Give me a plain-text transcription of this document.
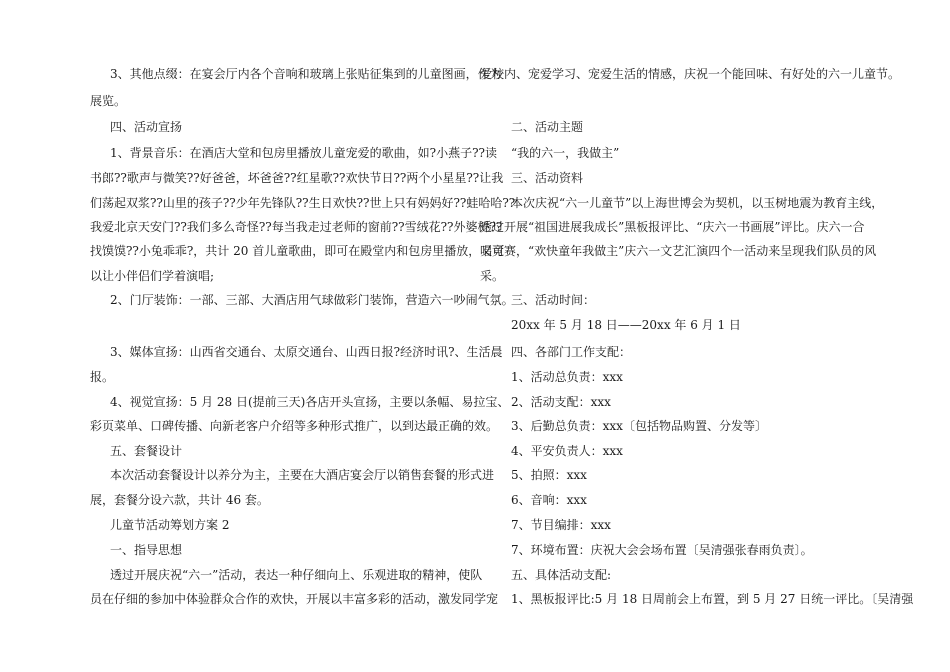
3、其他点缀：在宴会厅内各个音响和玻璃上张贴征集到的儿童图画，作为
展览。
四、活动宣扬
1、背景音乐：在酒店大堂和包房里播放儿童宠爱的歌曲，如?小燕子??读
书郎??歌声与微笑??好爸爸，坏爸爸??红星歌??欢快节日??两个小星星??让我
们荡起双浆??山里的孩子??少年先锋队??生日欢快??世上只有妈妈好??蛙哈哈??
我爱北京天安门??我们多么奇怪??每当我走过老师的窗前??雪绒花??外婆桥??
找馍馍??小兔乖乖?，共计 20 首儿童歌曲，即可在殿堂内和包房里播放，又可
以让小伴侣们学着演唱;
2、门厅装饰：一部、三部、大酒店用气球做彩门装饰，营造六一吵闹气氛。
3、媒体宣扬：山西省交通台、太原交通台、山西日报?经济时讯?、生活晨
报。
4、视觉宣扬：5 月 28 日(提前三天)各店开头宣扬，主要以条幅、易拉宝、
彩页菜单、口碑传播、向新老客户介绍等多种形式推广，以到达最正确的效。
五、套餐设计
本次活动套餐设计以养分为主，主要在大酒店宴会厅以销售套餐的形式进
展，套餐分设六款，共计 46 套。
儿童节活动筹划方案 2
一、指导思想
透过开展庆祝“六一”活动，表达一种仔细向上、乐观进取的精神，使队
员在仔细的参加中体验群众合作的欢快，开展以丰富多彩的活动，激发同学宠
爱校内、宠爱学习、宠爱生活的情感，庆祝一个能回味、有好处的六一儿童节。
二、活动主题
“我的六一，我做主”
三、活动资料
本次庆祝“六一儿童节”以上海世博会为契机，以玉树地震为教育主线，
透过开展“祖国进展我成长”黑板报评比、“庆六一书画展”评比。庆六一合
唱竞赛，“欢快童年我做主”庆六一文艺汇演四个一活动来呈现我们队员的风
采。
三、活动时间：
20xx 年 5 月 18 日——20xx 年 6 月 1 日
四、各部门工作支配：
1、活动总负责：xxx
2、活动支配：xxx
3、后勤总负责：xxx〔包括物品购置、分发等〕
4、平安负责人：xxx
5、拍照：xxx
6、音响：xxx
7、节目编排：xxx
7、环境布置：庆祝大会会场布置〔吴清强张春雨负责〕。
五、具体活动支配:
1、黑板报评比:5 月 18 日周前会上布置，到 5 月 27 日统一评比。〔吴清强
